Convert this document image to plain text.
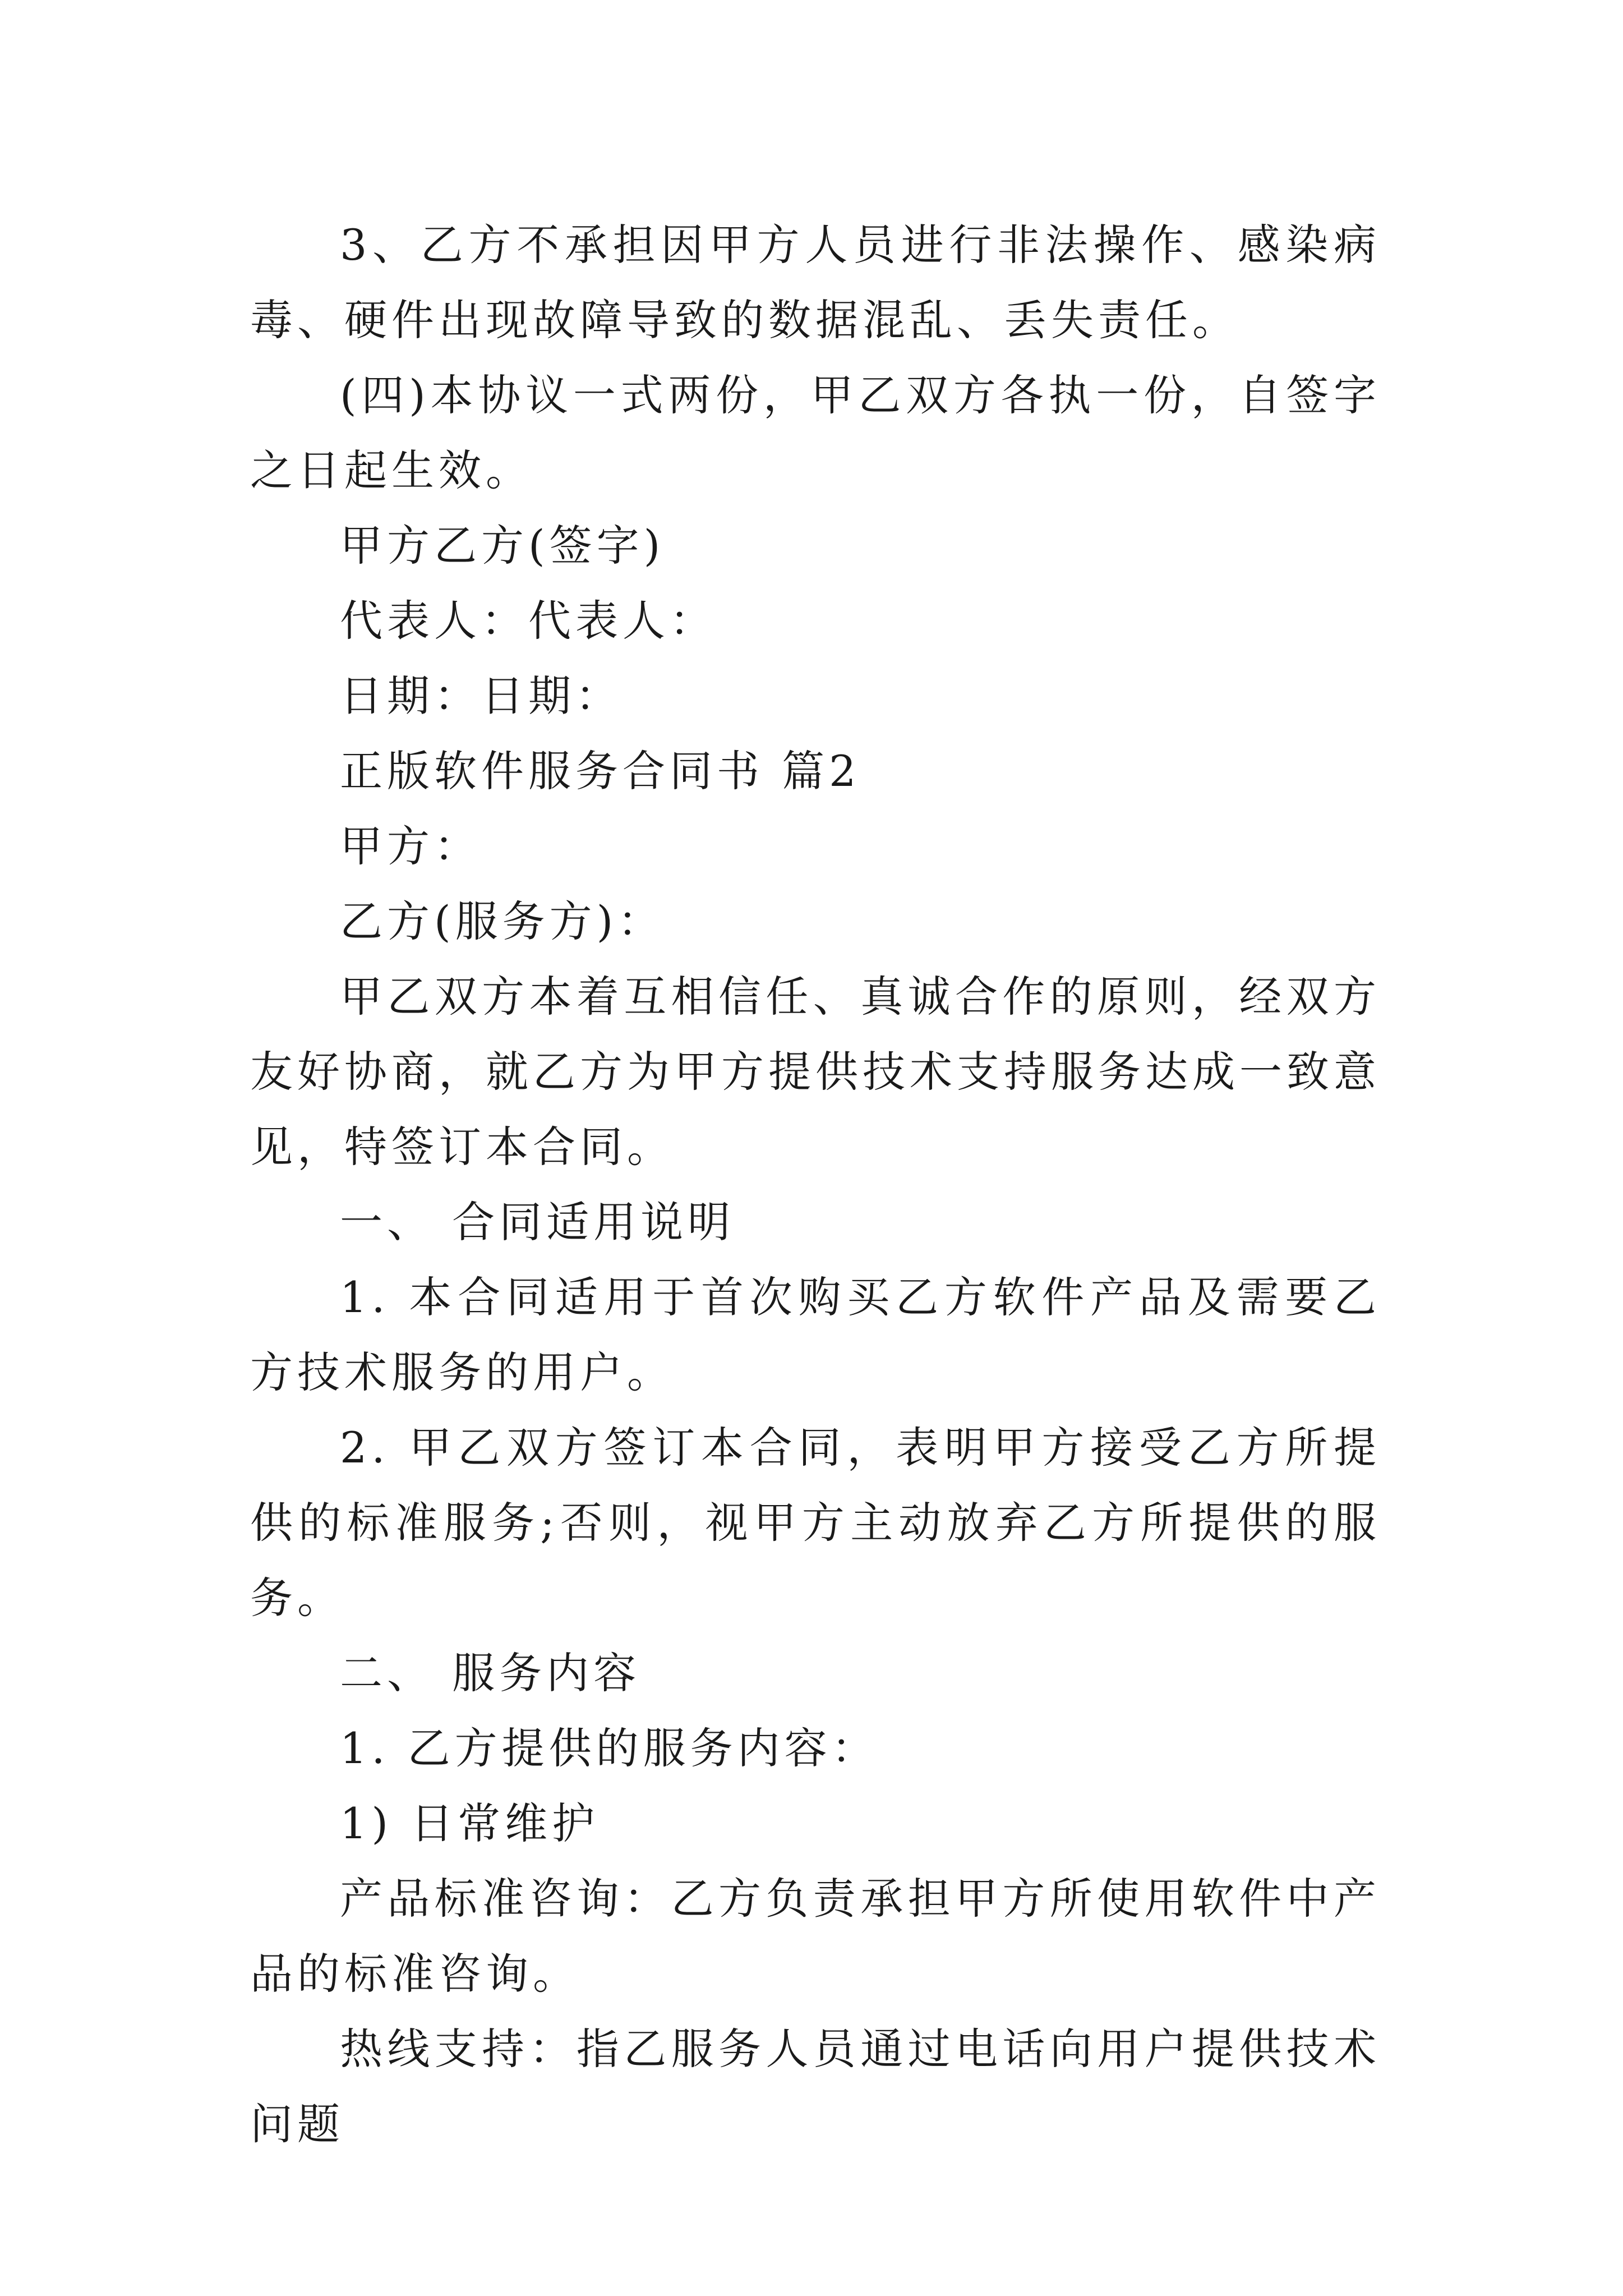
3、乙方不承担因甲方人员进行非法操作、感染病毒、硬件出现故障导致的数据混乱、丢失责任。

(四)本协议一式两份，甲乙双方各执一份，自签字之日起生效。

甲方乙方(签字)

代表人：代表人：

日期：日期：

正版软件服务合同书 篇2

甲方：

乙方(服务方)：

甲乙双方本着互相信任、真诚合作的原则，经双方友好协商，就乙方为甲方提供技术支持服务达成一致意见，特签订本合同。

一、 合同适用说明

1. 本合同适用于首次购买乙方软件产品及需要乙方技术服务的用户。

2. 甲乙双方签订本合同，表明甲方接受乙方所提供的标准服务;否则，视甲方主动放弃乙方所提供的服务。

二、 服务内容

1. 乙方提供的服务内容：

1) 日常维护

产品标准咨询：乙方负责承担甲方所使用软件中产品的标准咨询。

热线支持：指乙服务人员通过电话向用户提供技术问题
